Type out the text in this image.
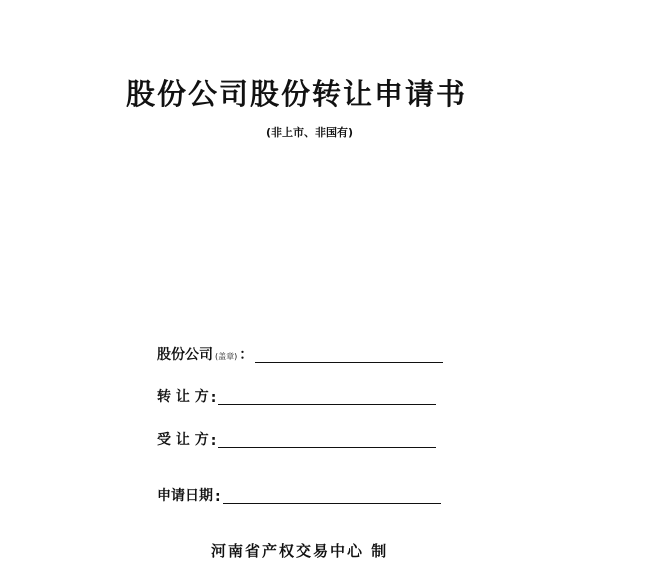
股份公司股份转让申请书
(非上市、非国有)
股份公司 (盖章) ：
转 让 方 :
受 让 方 :
申请日期 :
河南省产权交易中心 制
